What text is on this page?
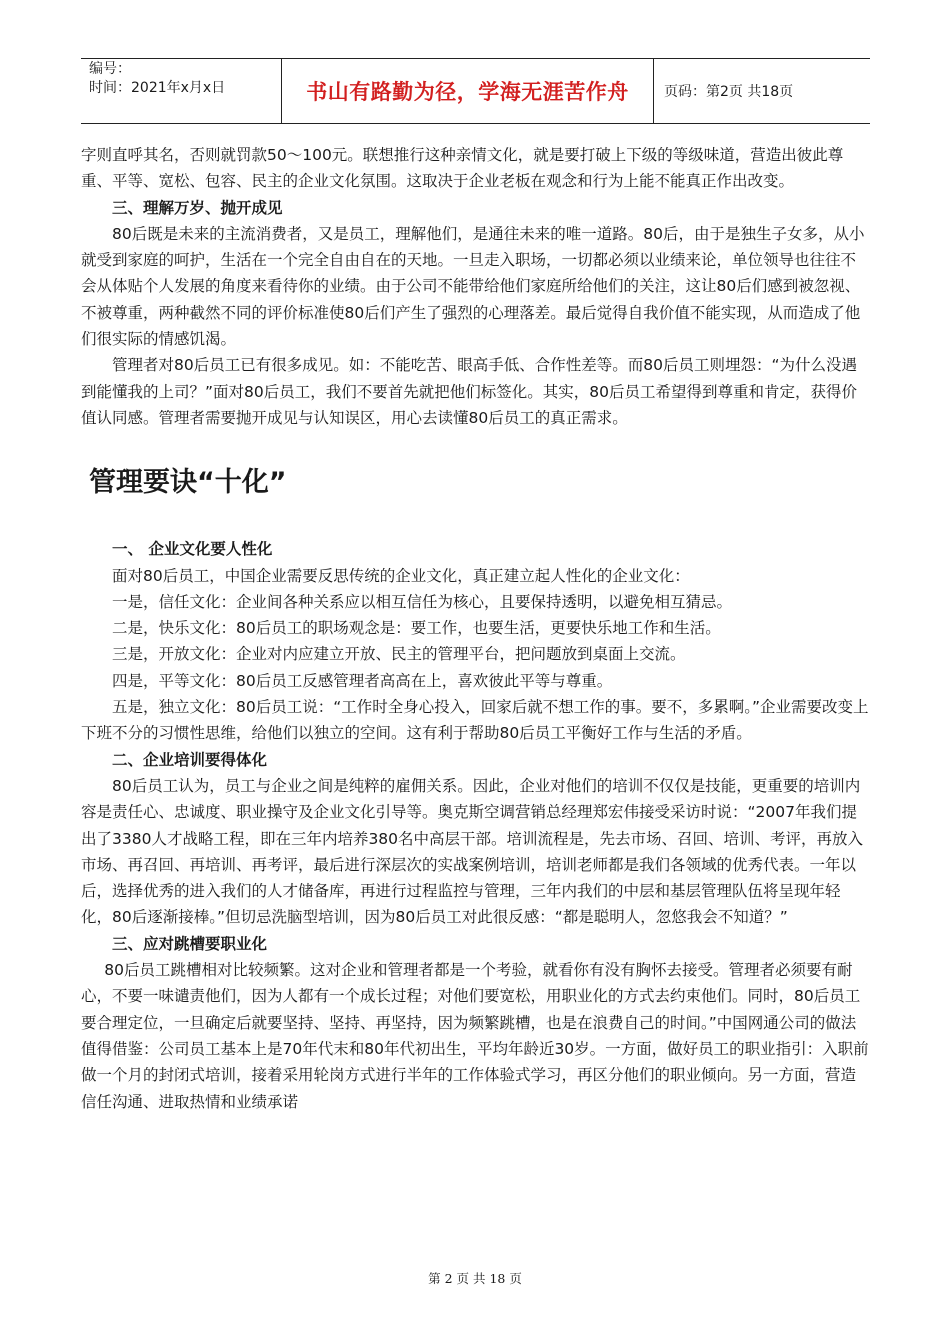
编号：
时间：2021年x月x日	书山有路勤为径，学海无涯苦作舟	页码：第2页 共18页

字则直呼其名，否则就罚款50～100元。联想推行这种亲情文化，就是要打破上下级的等级味道，营造出彼此尊重、平等、宽松、包容、民主的企业文化氛围。这取决于企业老板在观念和行为上能不能真正作出改变。

三、理解万岁、抛开成见

80后既是未来的主流消费者，又是员工，理解他们，是通往未来的唯一道路。80后，由于是独生子女多，从小就受到家庭的呵护，生活在一个完全自由自在的天地。一旦走入职场，一切都必须以业绩来论，单位领导也往往不会从体贴个人发展的角度来看待你的业绩。由于公司不能带给他们家庭所给他们的关注，这让80后们感到被忽视、不被尊重，两种截然不同的评价标准使80后们产生了强烈的心理落差。最后觉得自我价值不能实现，从而造成了他们很实际的情感饥渴。

管理者对80后员工已有很多成见。如：不能吃苦、眼高手低、合作性差等。而80后员工则埋怨：“为什么没遇到能懂我的上司？”面对80后员工，我们不要首先就把他们标签化。其实，80后员工希望得到尊重和肯定，获得价值认同感。管理者需要抛开成见与认知误区，用心去读懂80后员工的真正需求。

管理要诀“十化”

一、 企业文化要人性化

面对80后员工，中国企业需要反思传统的企业文化，真正建立起人性化的企业文化：

一是，信任文化：企业间各种关系应以相互信任为核心，且要保持透明，以避免相互猜忌。

二是，快乐文化：80后员工的职场观念是：要工作，也要生活，更要快乐地工作和生活。

三是，开放文化：企业对内应建立开放、民主的管理平台，把问题放到桌面上交流。

四是，平等文化：80后员工反感管理者高高在上，喜欢彼此平等与尊重。

五是，独立文化：80后员工说：“工作时全身心投入，回家后就不想工作的事。要不，多累啊。”企业需要改变上下班不分的习惯性思维，给他们以独立的空间。这有利于帮助80后员工平衡好工作与生活的矛盾。

二、企业培训要得体化

80后员工认为，员工与企业之间是纯粹的雇佣关系。因此，企业对他们的培训不仅仅是技能，更重要的培训内容是责任心、忠诚度、职业操守及企业文化引导等。奥克斯空调营销总经理郑宏伟接受采访时说：“2007年我们提出了3380人才战略工程，即在三年内培养380名中高层干部。培训流程是，先去市场、召回、培训、考评，再放入市场、再召回、再培训、再考评，最后进行深层次的实战案例培训，培训老师都是我们各领域的优秀代表。一年以后，选择优秀的进入我们的人才储备库，再进行过程监控与管理，三年内我们的中层和基层管理队伍将呈现年轻化，80后逐渐接棒。”但切忌洗脑型培训，因为80后员工对此很反感：“都是聪明人，忽悠我会不知道？”

三、应对跳槽要职业化

80后员工跳槽相对比较频繁。这对企业和管理者都是一个考验，就看你有没有胸怀去接受。管理者必须要有耐心，不要一味谴责他们，因为人都有一个成长过程；对他们要宽松，用职业化的方式去约束他们。同时，80后员工要合理定位，一旦确定后就要坚持、坚持、再坚持，因为频繁跳槽，也是在浪费自己的时间。”中国网通公司的做法值得借鉴：公司员工基本上是70年代末和80年代初出生，平均年龄近30岁。一方面，做好员工的职业指引：入职前做一个月的封闭式培训，接着采用轮岗方式进行半年的工作体验式学习，再区分他们的职业倾向。另一方面，营造信任沟通、进取热情和业绩承诺

第 2 页 共 18 页
